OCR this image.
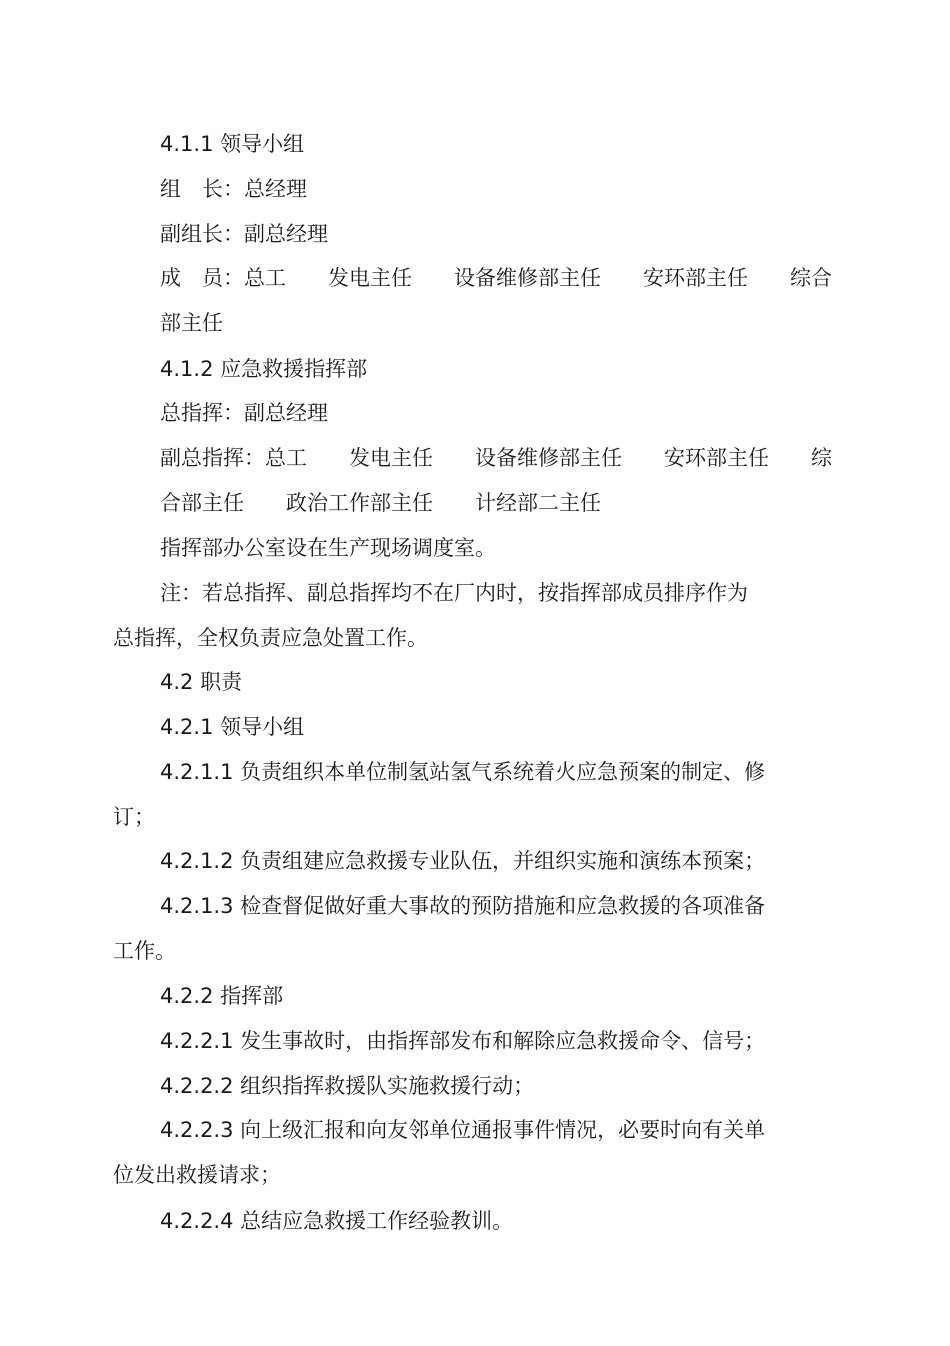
4.1.1 领导小组

组　长：总经理

副组长：副总经理

成　员：总工　　发电主任　　设备维修部主任　　安环部主任　　综合

部主任

4.1.2 应急救援指挥部

总指挥：副总经理

副总指挥：总工　　发电主任　　设备维修部主任　　安环部主任　　综

合部主任　　政治工作部主任　　计经部二主任

指挥部办公室设在生产现场调度室。

注：若总指挥、副总指挥均不在厂内时，按指挥部成员排序作为

总指挥，全权负责应急处置工作。

4.2 职责

4.2.1 领导小组

4.2.1.1 负责组织本单位制氢站氢气系统着火应急预案的制定、修

订；

4.2.1.2 负责组建应急救援专业队伍，并组织实施和演练本预案；

4.2.1.3 检查督促做好重大事故的预防措施和应急救援的各项准备

工作。

4.2.2 指挥部

4.2.2.1 发生事故时，由指挥部发布和解除应急救援命令、信号；

4.2.2.2 组织指挥救援队实施救援行动；

4.2.2.3 向上级汇报和向友邻单位通报事件情况，必要时向有关单

位发出救援请求；

4.2.2.4 总结应急救援工作经验教训。
